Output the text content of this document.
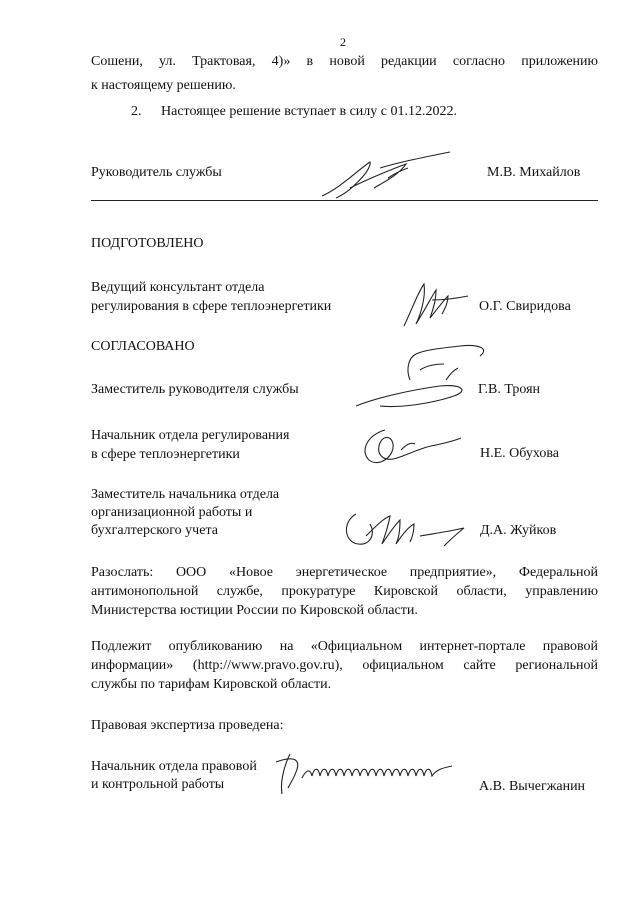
2
Сошени, ул. Трактовая, 4)» в новой редакции согласно приложению
к настоящему решению.
2. Настоящее решение вступает в силу с 01.12.2022.
Руководитель службы	М.В. Михайлов
ПОДГОТОВЛЕНО
Ведущий консультант отдела
регулирования в сфере теплоэнергетики	О.Г. Свиридова
СОГЛАСОВАНО
Заместитель руководителя службы	Г.В. Троян
Начальник отдела регулирования
в сфере теплоэнергетики	Н.Е. Обухова
Заместитель начальника отдела
организационной работы и
бухгалтерского учета	Д.А. Жуйков
Разослать: ООО «Новое энергетическое предприятие», Федеральной
антимонопольной службе, прокуратуре Кировской области, управлению
Министерства юстиции России по Кировской области.
Подлежит опубликованию на «Официальном интернет-портале правовой
информации» (http://www.pravo.gov.ru), официальном сайте региональной
службы по тарифам Кировской области.
Правовая экспертиза проведена:
Начальник отдела правовой
и контрольной работы	А.В. Вычегжанин
